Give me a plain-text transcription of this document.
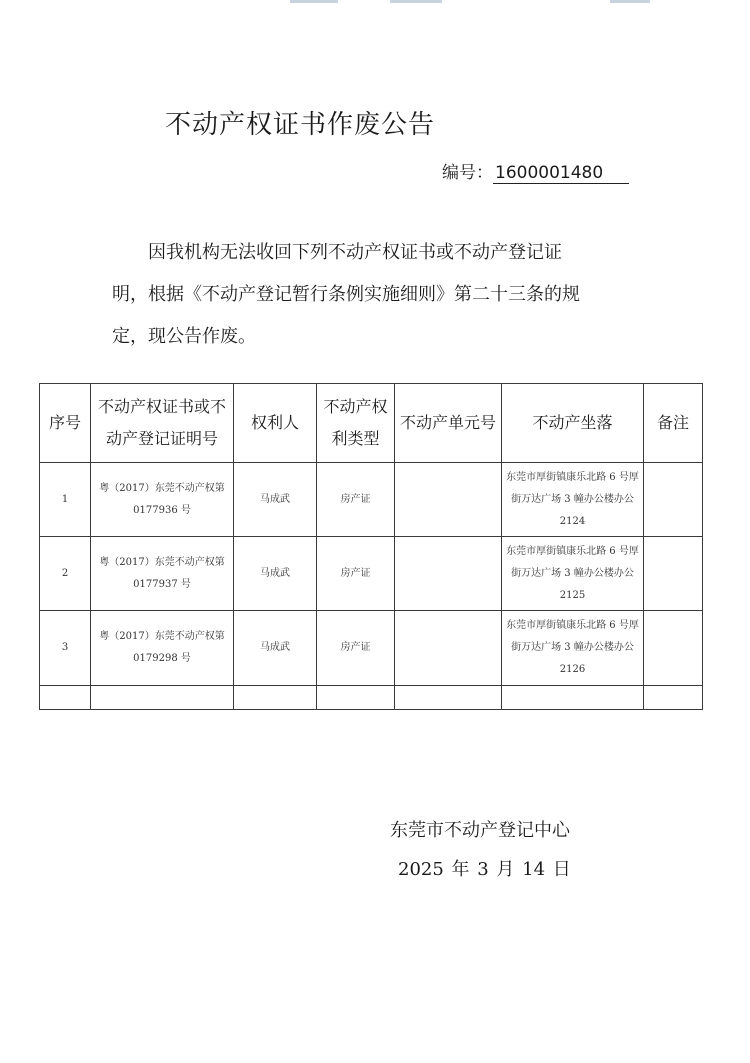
不动产权证书作废公告
编号： 1600001480

因我机构无法收回下列不动产权证书或不动产登记证

明，根据《不动产登记暂行条例实施细则》第二十三条的规

定，现公告作废。

序号	不动产权证书或不动产登记证明号	权利人	不动产权利类型	不动产单元号	不动产坐落	备注
1	粤（2017）东莞不动产权第 0177936 号	马成武	房产证		东莞市厚街镇康乐北路 6 号厚街万达广场 3 幢办公楼办公 2124	
2	粤（2017）东莞不动产权第 0177937 号	马成武	房产证		东莞市厚街镇康乐北路 6 号厚街万达广场 3 幢办公楼办公 2125	
3	粤（2017）东莞不动产权第 0179298 号	马成武	房产证		东莞市厚街镇康乐北路 6 号厚街万达广场 3 幢办公楼办公 2126	

东莞市不动产登记中心
2025 年 3 月 14 日
